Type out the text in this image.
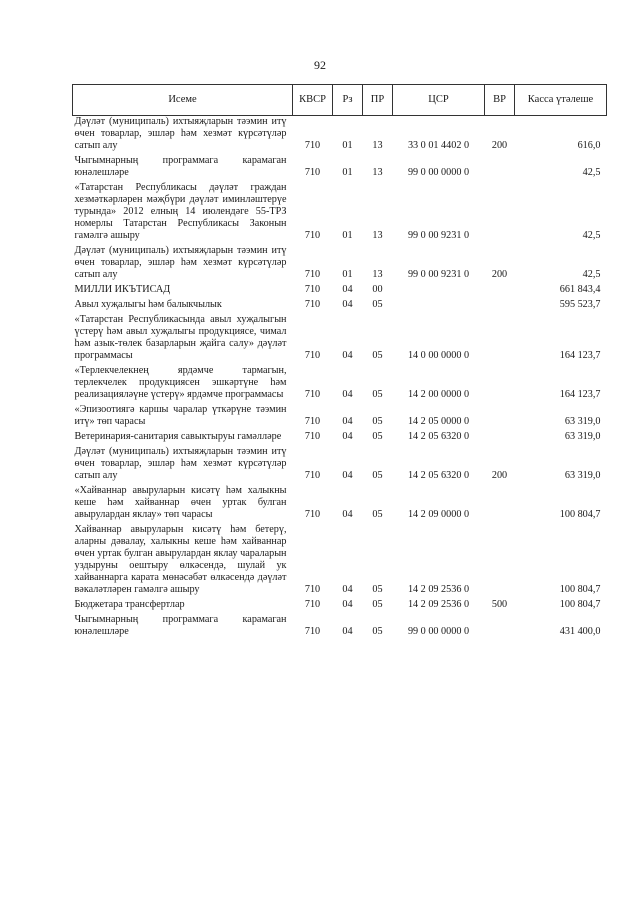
92
Исеме	КВСР	Рз	ПР	ЦСР	ВР	Касса үтәлеше
Дәүләт (муниципаль) ихтыяҗларын тәэмин итү өчен товарлар, эшләр һәм хезмәт күрсәтүләр сатып алу	710	01	13	33 0 01 4402 0	200	616,0

Чыгымнарның программага карамаган юнәлешләре	710	01	13	99 0 00 0000 0		42,5

«Татарстан Республикасы дәүләт граждан хезмәткәрләрен мәҗбүри дәүләт иминләштерүе турында» 2012 елның 14 июлендәге 55-ТРЗ номерлы Татарстан Республикасы Законын гамәлгә ашыру	710	01	13	99 0 00 9231 0		42,5

Дәүләт (муниципаль) ихтыяҗларын тәэмин итү өчен товарлар, эшләр һәм хезмәт күрсәтүләр сатып алу	710	01	13	99 0 00 9231 0	200	42,5

МИЛЛИ ИКЪТИСАД	710	04	00			661 843,4

Авыл хуҗалыгы һәм балыкчылык	710	04	05			595 523,7

«Татарстан Республикасында авыл хуҗалыгын үстерү һәм авыл хуҗалыгы продукциясе, чимал һәм азык-төлек базарларын җайга салу» дәүләт программасы	710	04	05	14 0 00 0000 0		164 123,7

«Терлекчелекнең ярдәмче тармагын, терлекчелек продукциясен эшкәртүне һәм реализацияләүне үстерү» ярдәмче программасы	710	04	05	14 2 00 0000 0		164 123,7

«Эпизоотиягә каршы чаралар үткәрүне тәэмин итү» төп чарасы	710	04	05	14 2 05 0000 0		63 319,0

Ветеринария-санитария савыктыруы гамәлләре	710	04	05	14 2 05 6320 0		63 319,0

Дәүләт (муниципаль) ихтыяҗларын тәэмин итү өчен товарлар, эшләр һәм хезмәт күрсәтүләр сатып алу	710	04	05	14 2 05 6320 0	200	63 319,0

«Хайваннар авыруларын кисәтү һәм халыкны кеше һәм хайваннар өчен уртак булган авырулардан яклау» төп чарасы	710	04	05	14 2 09 0000 0		100 804,7

Хайваннар авыруларын кисәтү һәм бетерү, аларны дәвалау, халыкны кеше һәм хайваннар өчен уртак булган авырулардан яклау чараларын уздыруны оештыру өлкәсендә, шулай ук хайваннарга карата мөнәсәбәт өлкәсендә дәүләт вәкаләтләрен гамәлгә ашыру	710	04	05	14 2 09 2536 0		100 804,7

Бюджетара трансфертлар	710	04	05	14 2 09 2536 0	500	100 804,7

Чыгымнарның программага карамаган юнәлешләре	710	04	05	99 0 00 0000 0		431 400,0
